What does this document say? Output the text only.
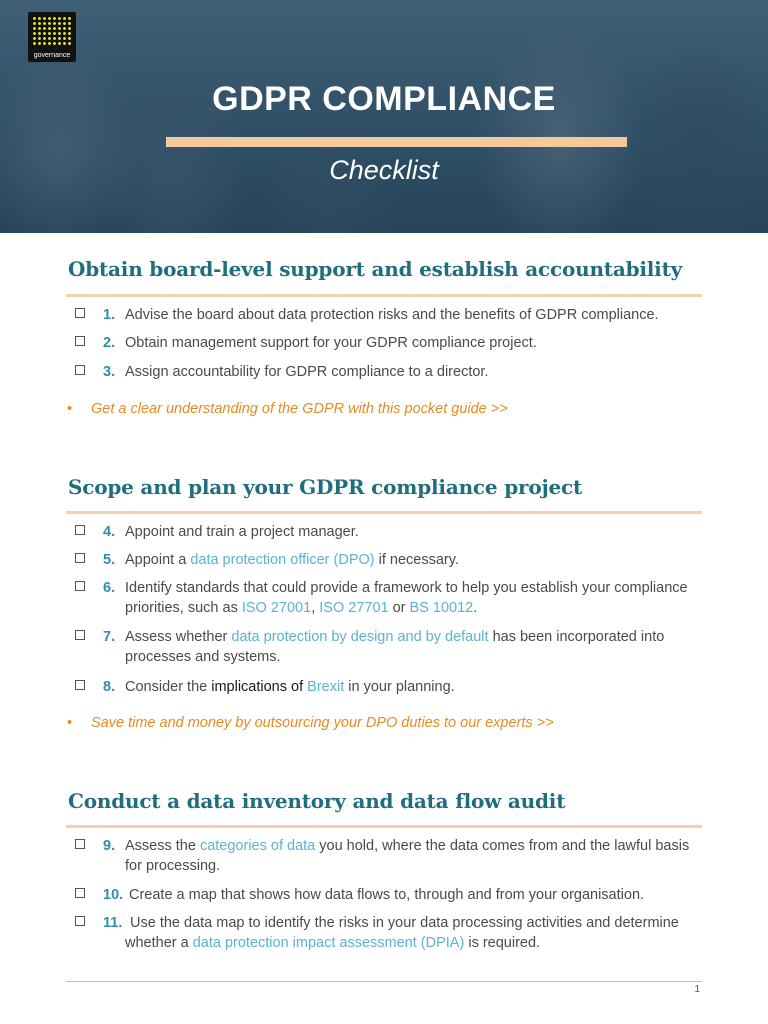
governance
GDPR COMPLIANCE
Checklist
Obtain board-level support and establish accountability
1. Advise the board about data protection risks and the benefits of GDPR compliance.
2. Obtain management support for your GDPR compliance project.
3. Assign accountability for GDPR compliance to a director.
• Get a clear understanding of the GDPR with this pocket guide >>
Scope and plan your GDPR compliance project
4. Appoint and train a project manager.
5. Appoint a data protection officer (DPO) if necessary.
6. Identify standards that could provide a framework to help you establish your compliance priorities, such as ISO 27001, ISO 27701 or BS 10012.
7. Assess whether data protection by design and by default has been incorporated into processes and systems.
8. Consider the implications of Brexit in your planning.
• Save time and money by outsourcing your DPO duties to our experts >>
Conduct a data inventory and data flow audit
9. Assess the categories of data you hold, where the data comes from and the lawful basis for processing.
10. Create a map that shows how data flows to, through and from your organisation.
11. Use the data map to identify the risks in your data processing activities and determine whether a data protection impact assessment (DPIA) is required.
1
